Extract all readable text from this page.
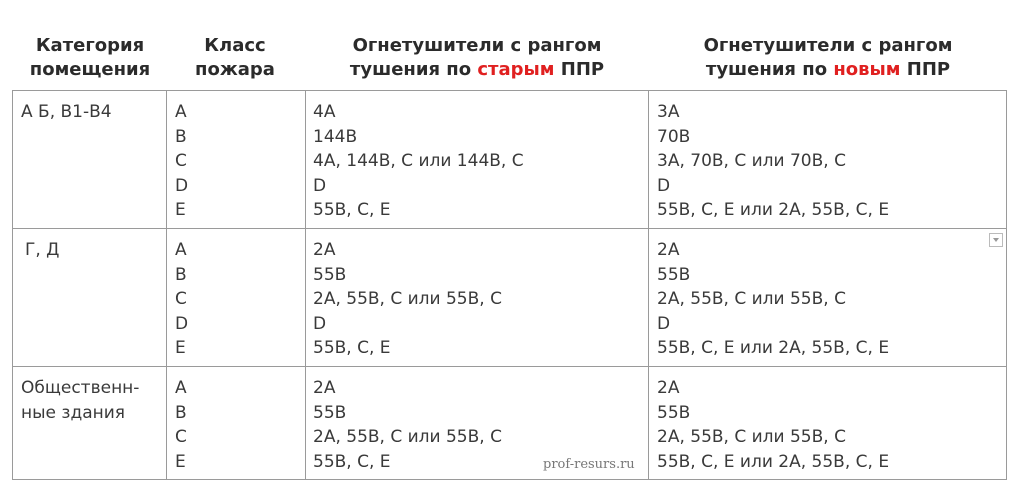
Категория
помещения
Класс
пожара
Огнетушители с рангом
тушения по старым ППР
Огнетушители с рангом
тушения по новым ППР
А Б, В1-В4	A
B
C
D
E
4A
144B
4A, 144B, C или 144B, C
D
55B, C, E
3A
70B
3A, 70B, C или 70B, C
D
55B, C, E или 2A, 55B, C, E
Г, Д	A
B
C
D
E
2A
55B
2A, 55B, C или 55B, C
D
55B, C, E
2A
55B
2A, 55B, C или 55B, C
D
55B, C, E или 2A, 55B, C, E
Общественн-
ные здания
A
B
C
E
2A
55B
2A, 55B, C или 55B, C
55B, C, E
2A
55B
2A, 55B, C или 55B, C
55B, C, E или 2A, 55B, C, E
prof-resurs.ru
